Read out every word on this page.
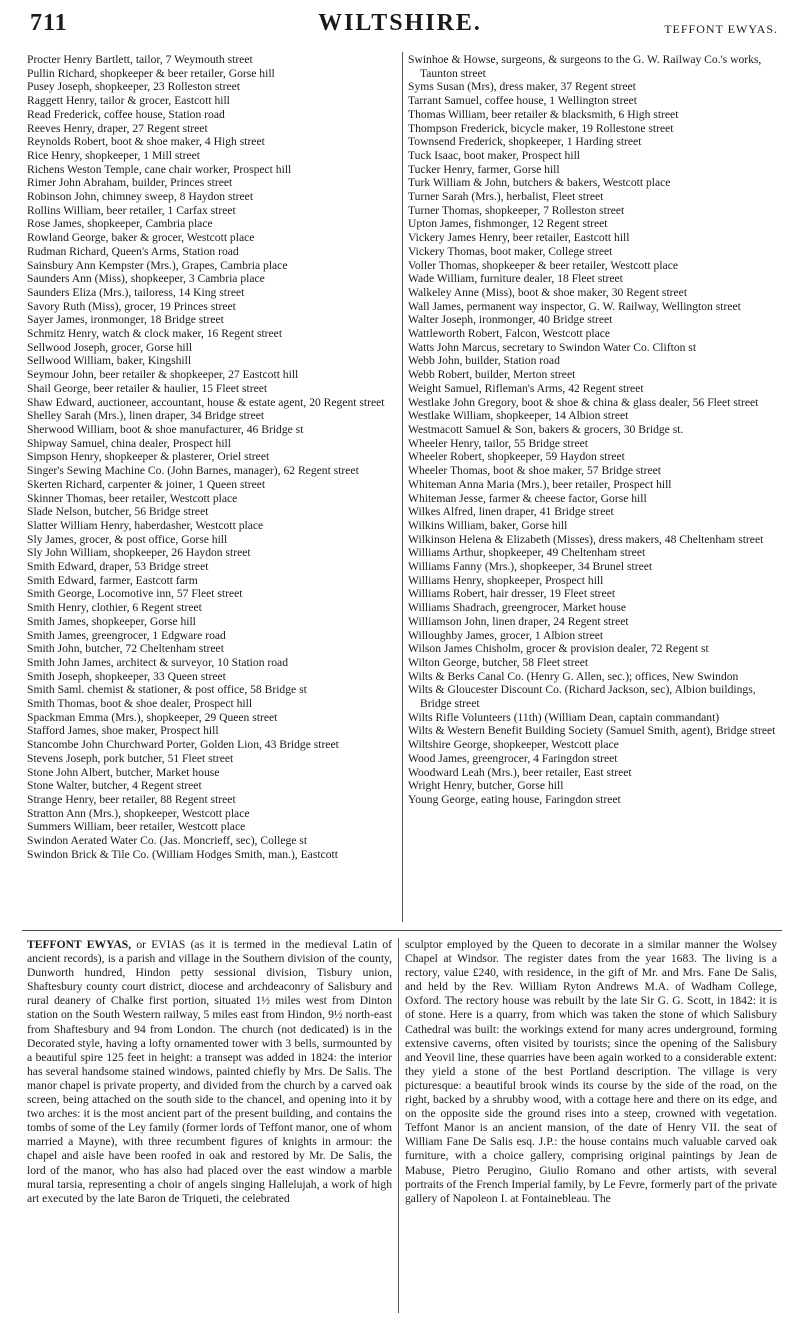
711	WILTSHIRE.	TEFFONT EWYAS.
Procter Henry Bartlett, tailor, 7 Weymouth street
Pullin Richard, shopkeeper & beer retailer, Gorse hill
Pusey Joseph, shopkeeper, 23 Rolleston street
Raggett Henry, tailor & grocer, Eastcott hill
Read Frederick, coffee house, Station road
Reeves Henry, draper, 27 Regent street
Reynolds Robert, boot & shoe maker, 4 High street
Rice Henry, shopkeeper, 1 Mill street
Richens Weston Temple, cane chair worker, Prospect hill
Rimer John Abraham, builder, Princes street
Robinson John, chimney sweep, 8 Haydon street
Rollins William, beer retailer, 1 Carfax street
Rose James, shopkeeper, Cambria place
Rowland George, baker & grocer, Westcott place
Rudman Richard, Queen's Arms, Station road
Sainsbury Ann Kempster (Mrs.), Grapes, Cambria place
Saunders Ann (Miss), shopkeeper, 3 Cambria place
Saunders Eliza (Mrs.), tailoress, 14 King street
Savory Ruth (Miss), grocer, 19 Princes street
Sayer James, ironmonger, 18 Bridge street
Schmitz Henry, watch & clock maker, 16 Regent street
Sellwood Joseph, grocer, Gorse hill
Sellwood William, baker, Kingshill
Seymour John, beer retailer & shopkeeper, 27 Eastcott hill
Shail George, beer retailer & haulier, 15 Fleet street
Shaw Edward, auctioneer, accountant, house & estate agent, 20 Regent street
Shelley Sarah (Mrs.), linen draper, 34 Bridge street
Sherwood William, boot & shoe manufacturer, 46 Bridge st
Shipway Samuel, china dealer, Prospect hill
Simpson Henry, shopkeeper & plasterer, Oriel street
Singer's Sewing Machine Co. (John Barnes, manager), 62 Regent street
Skerten Richard, carpenter & joiner, 1 Queen street
Skinner Thomas, beer retailer, Westcott place
Slade Nelson, butcher, 56 Bridge street
Slatter William Henry, haberdasher, Westcott place
Sly James, grocer, & post office, Gorse hill
Sly John William, shopkeeper, 26 Haydon street
Smith Edward, draper, 53 Bridge street
Smith Edward, farmer, Eastcott farm
Smith George, Locomotive inn, 57 Fleet street
Smith Henry, clothier, 6 Regent street
Smith James, shopkeeper, Gorse hill
Smith James, greengrocer, 1 Edgware road
Smith John, butcher, 72 Cheltenham street
Smith John James, architect & surveyor, 10 Station road
Smith Joseph, shopkeeper, 33 Queen street
Smith Saml. chemist & stationer, & post office, 58 Bridge st
Smith Thomas, boot & shoe dealer, Prospect hill
Spackman Emma (Mrs.), shopkeeper, 29 Queen street
Stafford James, shoe maker, Prospect hill
Stancombe John Churchward Porter, Golden Lion, 43 Bridge street
Stevens Joseph, pork butcher, 51 Fleet street
Stone John Albert, butcher, Market house
Stone Walter, butcher, 4 Regent street
Strange Henry, beer retailer, 88 Regent street
Stratton Ann (Mrs.), shopkeeper, Westcott place
Summers William, beer retailer, Westcott place
Swindon Aerated Water Co. (Jas. Moncrieff, sec), College st
Swindon Brick & Tile Co. (William Hodges Smith, man.), Eastcott
Swinhoe & Howse, surgeons, & surgeons to the G. W. Railway Co.'s works, Taunton street
Syms Susan (Mrs), dress maker, 37 Regent street
Tarrant Samuel, coffee house, 1 Wellington street
Thomas William, beer retailer & blacksmith, 6 High street
Thompson Frederick, bicycle maker, 19 Rollestone street
Townsend Frederick, shopkeeper, 1 Harding street
Tuck Isaac, boot maker, Prospect hill
Tucker Henry, farmer, Gorse hill
Turk William & John, butchers & bakers, Westcott place
Turner Sarah (Mrs.), herbalist, Fleet street
Turner Thomas, shopkeeper, 7 Rolleston street
Upton James, fishmonger, 12 Regent street
Vickery James Henry, beer retailer, Eastcott hill
Vickery Thomas, boot maker, College street
Voller Thomas, shopkeeper & beer retailer, Westcott place
Wade William, furniture dealer, 18 Fleet street
Walkeley Anne (Miss), boot & shoe maker, 30 Regent street
Wall James, permanent way inspector, G. W. Railway, Wellington street
Walter Joseph, ironmonger, 40 Bridge street
Wattleworth Robert, Falcon, Westcott place
Watts John Marcus, secretary to Swindon Water Co. Clifton st
Webb John, builder, Station road
Webb Robert, builder, Merton street
Weight Samuel, Rifleman's Arms, 42 Regent street
Westlake John Gregory, boot & shoe & china & glass dealer, 56 Fleet street
Westlake William, shopkeeper, 14 Albion street
Westmacott Samuel & Son, bakers & grocers, 30 Bridge st.
Wheeler Henry, tailor, 55 Bridge street
Wheeler Robert, shopkeeper, 59 Haydon street
Wheeler Thomas, boot & shoe maker, 57 Bridge street
Whiteman Anna Maria (Mrs.), beer retailer, Prospect hill
Whiteman Jesse, farmer & cheese factor, Gorse hill
Wilkes Alfred, linen draper, 41 Bridge street
Wilkins William, baker, Gorse hill
Wilkinson Helena & Elizabeth (Misses), dress makers, 48 Cheltenham street
Williams Arthur, shopkeeper, 49 Cheltenham street
Williams Fanny (Mrs.), shopkeeper, 34 Brunel street
Williams Henry, shopkeeper, Prospect hill
Williams Robert, hair dresser, 19 Fleet street
Williams Shadrach, greengrocer, Market house
Williamson John, linen draper, 24 Regent street
Willoughby James, grocer, 1 Albion street
Wilson James Chisholm, grocer & provision dealer, 72 Regent st
Wilton George, butcher, 58 Fleet street
Wilts & Berks Canal Co. (Henry G. Allen, sec.); offices, New Swindon
Wilts & Gloucester Discount Co. (Richard Jackson, sec), Albion buildings, Bridge street
Wilts Rifle Volunteers (11th) (William Dean, captain commandant)
Wilts & Western Benefit Building Society (Samuel Smith, agent), Bridge street
Wiltshire George, shopkeeper, Westcott place
Wood James, greengrocer, 4 Faringdon street
Woodward Leah (Mrs.), beer retailer, East street
Wright Henry, butcher, Gorse hill
Young George, eating house, Faringdon street
TEFFONT EWYAS, or EVIAS (as it is termed in the medieval Latin of ancient records), is a parish and village in the Southern division of the county, Dunworth hundred, Hindon petty sessional division, Tisbury union, Shaftesbury county court district, diocese and archdeaconry of Salisbury and rural deanery of Chalke first portion, situated 1½ miles west from Dinton station on the South Western railway, 5 miles east from Hindon, 9½ north-east from Shaftesbury and 94 from London. The church (not dedicated) is in the Decorated style, having a lofty ornamented tower with 3 bells, surmounted by a beautiful spire 125 feet in height: a transept was added in 1824: the interior has several handsome stained windows, painted chiefly by Mrs. De Salis. The manor chapel is private property, and divided from the church by a carved oak screen, being attached on the south side to the chancel, and opening into it by two arches: it is the most ancient part of the present building, and contains the tombs of some of the Ley family (former lords of Teffont manor, one of whom married a Mayne), with three recumbent figures of knights in armour: the chapel and aisle have been roofed in oak and restored by Mr. De Salis, the lord of the manor, who has also had placed over the east window a marble mural tarsia, representing a choir of angels singing Hallelujah, a work of high art executed by the late Baron de Triqueti, the celebrated
sculptor employed by the Queen to decorate in a similar manner the Wolsey Chapel at Windsor. The register dates from the year 1683. The living is a rectory, value £240, with residence, in the gift of Mr. and Mrs. Fane De Salis, and held by the Rev. William Ryton Andrews M.A. of Wadham College, Oxford. The rectory house was rebuilt by the late Sir G. G. Scott, in 1842: it is of stone. Here is a quarry, from which was taken the stone of which Salisbury Cathedral was built: the workings extend for many acres underground, forming extensive caverns, often visited by tourists; since the opening of the Salisbury and Yeovil line, these quarries have been again worked to a considerable extent: they yield a stone of the best Portland description. The village is very picturesque: a beautiful brook winds its course by the side of the road, on the right, backed by a shrubby wood, with a cottage here and there on its edge, and on the opposite side the ground rises into a steep, crowned with vegetation. Teffont Manor is an ancient mansion, of the date of Henry VII. the seat of William Fane De Salis esq. J.P.: the house contains much valuable carved oak furniture, with a choice gallery, comprising original paintings by Jean de Mabuse, Pietro Perugino, Giulio Romano and other artists, with several portraits of the French Imperial family, by Le Fevre, formerly part of the private gallery of Napoleon I. at Fontainebleau. The
